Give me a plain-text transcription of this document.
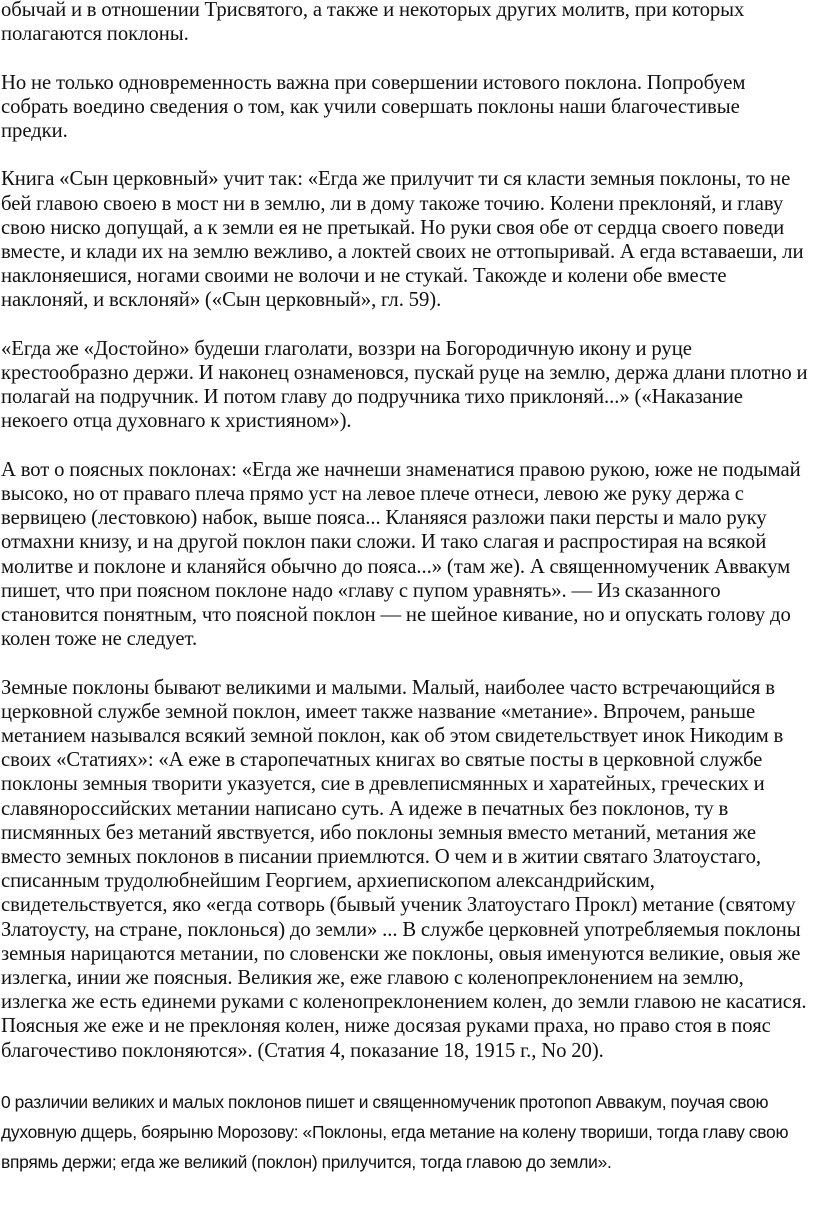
обычай и в отношении Трисвятого, а также и некоторых других молитв, при которых полагаются поклоны.

Но не только одновременность важна при совершении истового поклона. Попробуем собрать воедино сведения о том, как учили совершать поклоны наши благочестивые предки.

Книга «Сын церковный» учит так: «Егда же прилучит ти ся класти земныя поклоны, то не бей главою своею в мост ни в землю, ли в дому такоже точию. Колени преклоняй, и главу свою ниско допущай, а к земли ея не претыкай. Но руки своя обе от сердца своего поведи вместе, и клади их на землю вежливо, а локтей своих не оттопыривай. А егда вставаеши, ли наклоняешися, ногами своими не волочи и не стукай. Такожде и колени обе вместе наклоняй, и всклоняй» («Сын церковный», гл. 59).

«Егда же «Достойно» будеши глаголати, воззри на Богородичную икону и руце крестообразно держи. И наконец ознаменовся, пускай руце на землю, держа длани плотно и полагай на подручник. И потом главу до подручника тихо приклоняй...» («Наказание некоего отца духовнаго к християном»).

А вот о поясных поклонах: «Егда же начнеши знаменатися правою рукою, юже не подымай высоко, но от праваго плеча прямо уст на левое плече отнеси, левою же руку держа с вервицею (лестовкою) набок, выше пояса... Кланяяся разложи паки персты и мало руку отмахни книзу, и на другой поклон паки сложи. И тако слагая и распростирая на всякой молитве и поклоне и кланяйся обычно до пояса...» (там же). А священномученик Аввакум пишет, что при поясном поклоне надо «главу с пупом уравнять». — Из сказанного становится понятным, что поясной поклон — не шейное кивание, но и опускать голову до колен тоже не следует.

Земные поклоны бывают великими и малыми. Малый, наиболее часто встречающийся в церковной службе земной поклон, имеет также название «метание». Впрочем, раньше метанием назывался всякий земной поклон, как об этом свидетельствует инок Никодим в своих «Статиях»: «А еже в старопечатных книгах во святые посты в церковной службе поклоны земныя творити указуется, сие в древлеписмянных и харатейных, греческих и славянороссийских метании написано суть. А идеже в печатных без поклонов, ту в писмянных без метаний явствуется, ибо поклоны земныя вместо метаний, метания же вместо земных поклонов в писании приемлются. О чем и в житии святаго Златоустаго, списанным трудолюбнейшим Георгием, архиепископом александрийским, свидетельствуется, яко «егда сотворь (бывый ученик Златоустаго Прокл) метание (святому Златоусту, на стране, поклонься) до земли» ... В службе церковней употребляемыя поклоны земныя нарицаются метании, по словенски же поклоны, овыя именуются великие, овыя же излегка, инии же поясныя. Великия же, еже главою с коленопреклонением на землю, излегка же есть единеми руками с коленопреклонением колен, до земли главою не касатися. Поясныя же еже и не преклоняя колен, ниже досязая руками праха, но право стоя в пояс благочестиво поклоняются». (Статия 4, показание 18, 1915 г., No 20).

0 различии великих и малых поклонов пишет и священномученик протопоп Аввакум, поучая свою духовную дщерь, боярыню Морозову: «Поклоны, егда метание на колену твориши, тогда главу свою впрямь держи; егда же великий (поклон) прилучится, тогда главою до земли».
